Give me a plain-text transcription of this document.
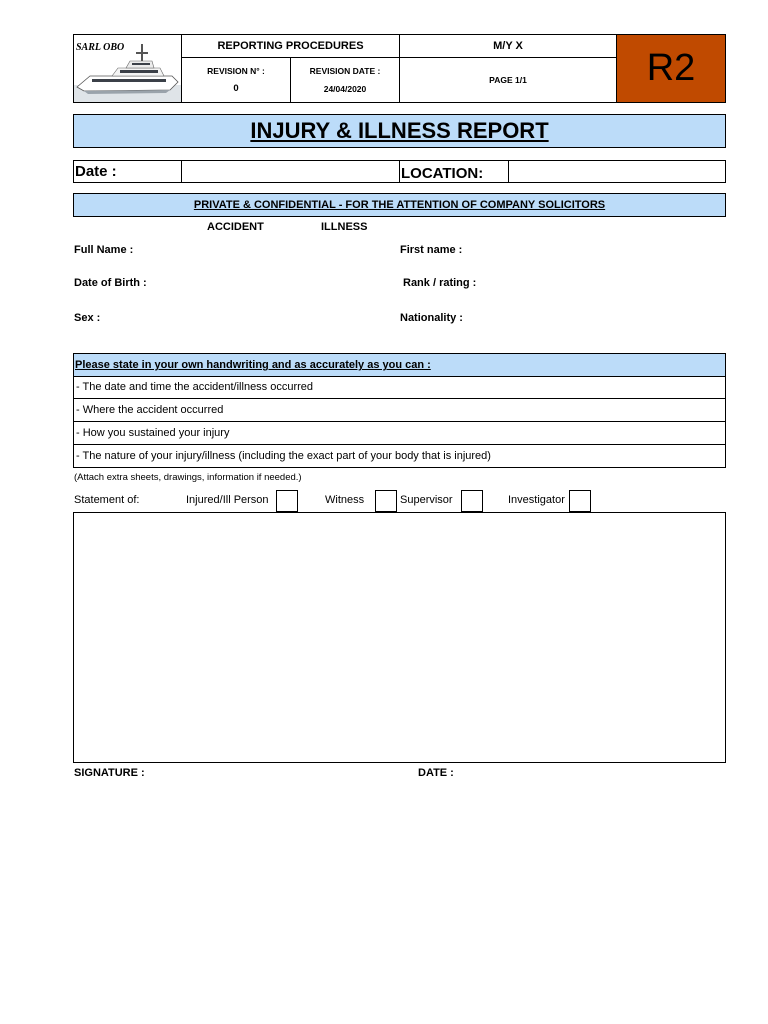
SARL OBO	REPORTING PROCEDURES
REVISION N° :
0
REVISION DATE :
24/04/2020
M/Y X
PAGE 1/1	R2
INJURY & ILLNESS REPORT
Date :	LOCATION:
PRIVATE & CONFIDENTIAL - FOR THE ATTENTION OF COMPANY SOLICITORS
ACCIDENT	ILLNESS
Full Name :	First name :
Date of Birth :	Rank / rating :
Sex :	Nationality :
Please state in your own handwriting and as accurately as you can :
- The date and time the accident/illness occurred
- Where the accident occurred
- How you sustained your injury
- The nature of your injury/illness (including the exact part of your body that is injured)
(Attach extra sheets, drawings, information if needed.)
Statement of:	Injured/Ill Person	Witness	Supervisor	Investigator
SIGNATURE :	DATE :
